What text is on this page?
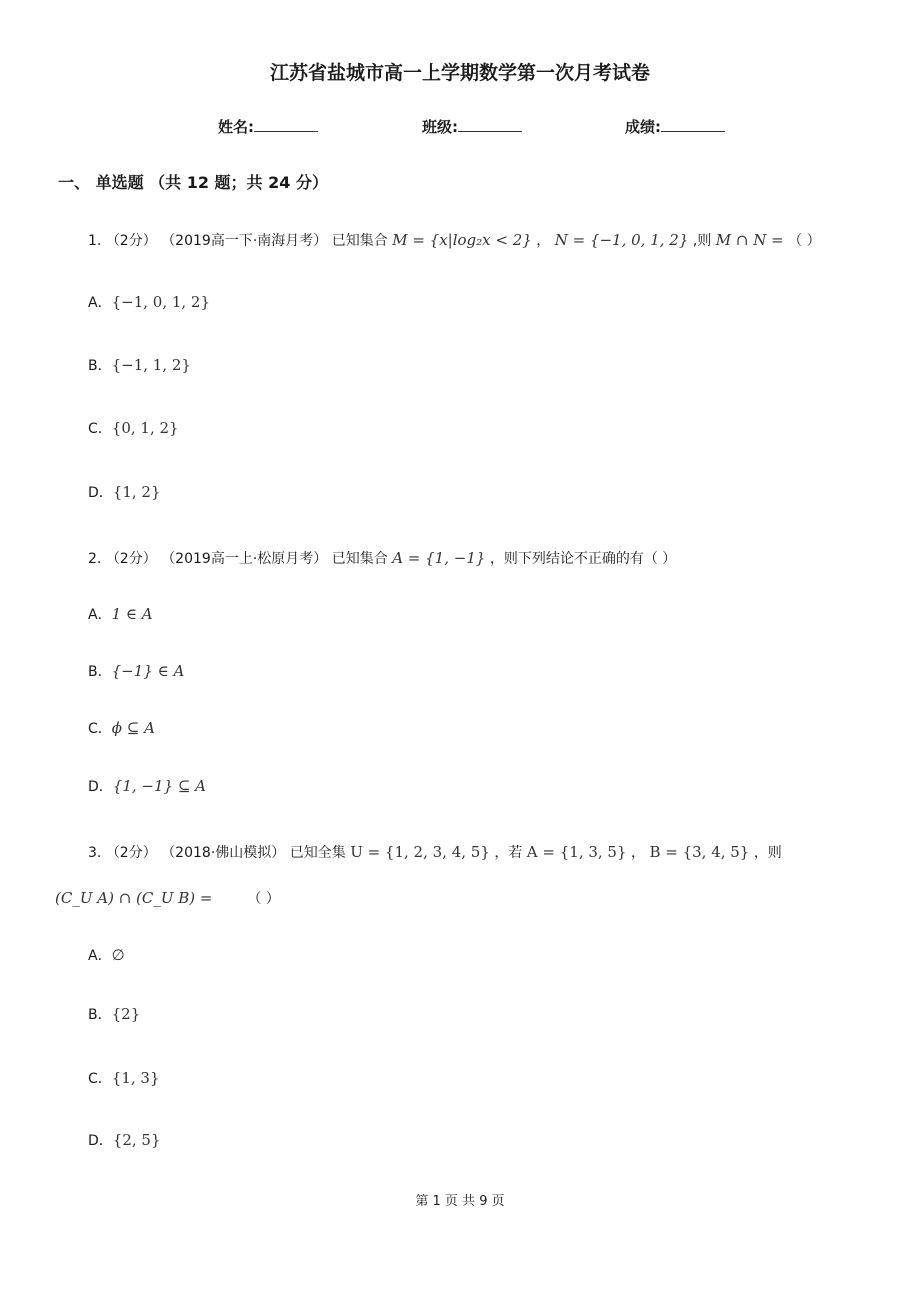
江苏省盐城市高一上学期数学第一次月考试卷
姓名:	班级:	成绩:
一、 单选题 （共 12 题；共 24 分）
1. （2分） （2019高一下·南海月考） 已知集合 M = {x|log₂x < 2} ， N = {−1, 0, 1, 2} ,则 M ∩ N = （ ）
A．{−1, 0, 1, 2}
B．{−1, 1, 2}
C．{0, 1, 2}
D．{1, 2}
2. （2分） （2019高一上·松原月考） 已知集合 A = {1, −1} ，则下列结论不正确的有（ ）
A．1 ∈ A
B．{−1} ∈ A
C．ϕ ⊆ A
D．{1, −1} ⊆ A
3. （2分） （2018·佛山模拟） 已知全集 U = {1, 2, 3, 4, 5} ，若 A = {1, 3, 5} ， B = {3, 4, 5} ，则
(C_U A) ∩ (C_U B) = （ ）
A．∅
B．{2}
C．{1, 3}
D．{2, 5}
第 1 页 共 9 页
